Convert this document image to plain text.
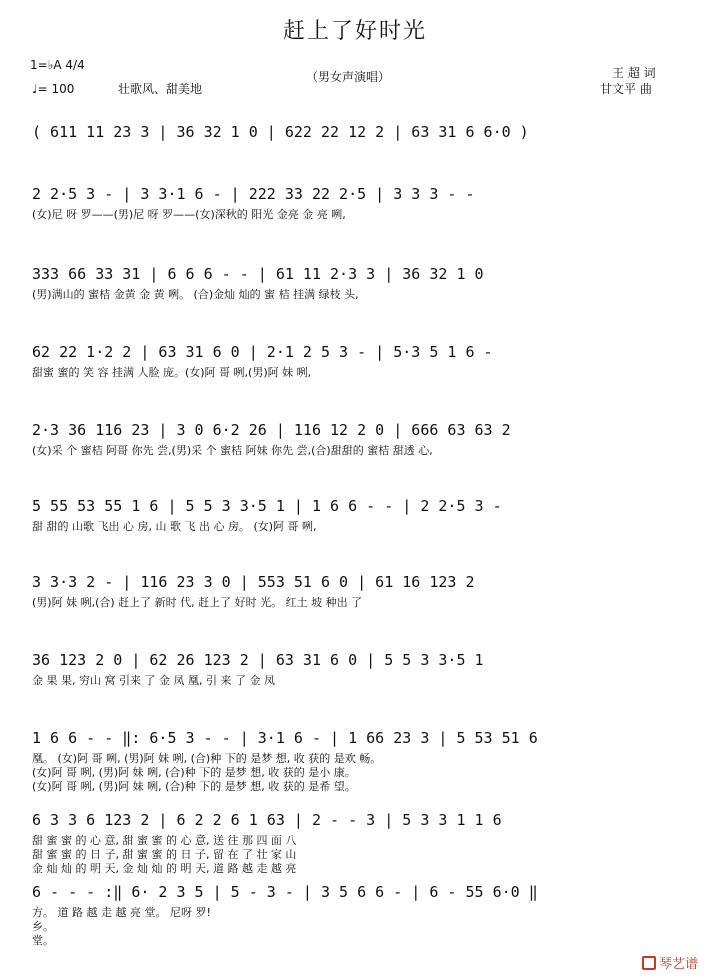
赶上了好时光
1=♭A 4/4
♩= 100	壮歌风、甜美地
（男女声演唱）	王 超 词
甘文平 曲
( 611 11 23 3 | 36 32 1 0 | 622 22 12 2 | 63 31 6 6·0 )
2 2·5 3 - | 3 3·1 6 - | 222 33 22 2·5 | 3 3 3 - -
(女)尼 呀 罗——(男)尼 呀 罗——(女)深秋的 阳光 金亮 金 亮 咧,
333 66 33 31 | 6 6 6 - - | 61 11 2·3 3 | 36 32 1 0
(男)满山的 蜜桔 金黄 金 黄 咧。 (合)金灿 灿的 蜜 桔 挂满 绿枝 头,
62 22 1·2 2 | 63 31 6 0 | 2·1 2 5 3 - | 5·3 5 1 6 -
甜蜜 蜜的 笑 容 挂满 人脸 庞。(女)阿 哥 咧,(男)阿 妹 咧,
2·3 36 116 23 | 3 0 6·2 26 | 116 12 2 0 | 666 63 63 2
(女)采 个 蜜桔 阿哥 你先 尝,(男)采 个 蜜桔 阿妹 你先 尝,(合)甜甜的 蜜桔 甜透 心,
5 55 53 55 1 6 | 5 5 3 3·5 1 | 1 6 6 - - | 2 2·5 3 -
甜 甜的 山歌 飞出 心 房, 山 歌 飞 出 心 房。 (女)阿 哥 咧,
3 3·3 2 - | 116 23 3 0 | 553 51 6 0 | 61 16 123 2
(男)阿 妹 咧,(合) 赶上了 新时 代, 赶上了 好时 光。 红土 坡 种出 了
36 123 2 0 | 62 26 123 2 | 63 31 6 0 | 5 5 3 3·5 1
金 果 果, 穷山 窝 引来 了 金 凤 凰, 引 来 了 金 凤
1 6 6 - - ‖: 6·5 3 - - | 3·1 6 - | 1 66 23 3 | 5 53 51 6
凰。 (女)阿 哥 咧, (男)阿 妹 咧, (合)种 下的 是梦 想, 收 获的 是欢 畅。
(女)阿 哥 咧, (男)阿 妹 咧, (合)种 下的 是梦 想, 收 获的 是小 康。
(女)阿 哥 咧, (男)阿 妹 咧, (合)种 下的 是梦 想, 收 获的 是希 望。
6 3 3 6 123 2 | 6 2 2 6 1 63 | 2 - - 3 | 5 3 3 1 1 6
甜 蜜 蜜 的 心 意, 甜 蜜 蜜 的 心 意, 送 往 那 四 面 八
甜 蜜 蜜 的 日 子, 甜 蜜 蜜 的 日 子, 留 在 了 壮 家 山
金 灿 灿 的 明 天, 金 灿 灿 的 明 天, 道 路 越 走 越 亮
6 - - - :‖ 6· 2 3 5 | 5 - 3 - | 3 5 6 6 - | 6 - 55 6·0 ‖
方。 道 路 越 走 越 亮 堂。 尼呀 罗!
乡。
堂。
琴艺谱
